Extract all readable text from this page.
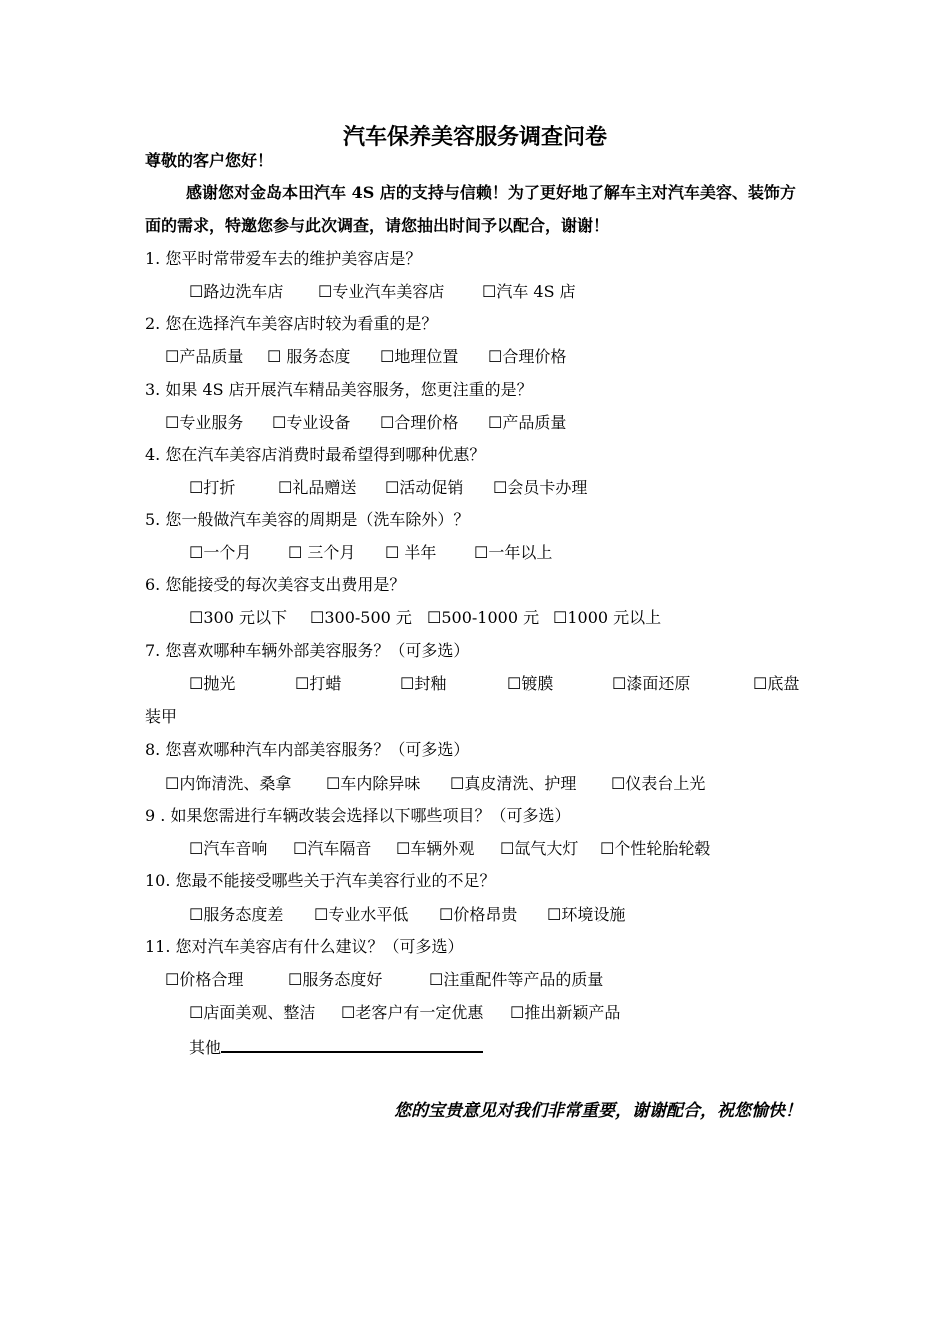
汽车保养美容服务调查问卷
尊敬的客户您好！
感谢您对金岛本田汽车 4S 店的支持与信赖！为了更好地了解车主对汽车美容、装饰方
面的需求，特邀您参与此次调查，请您抽出时间予以配合，谢谢！
1. 您平时常带爱车去的维护美容店是？
☐路边洗车店 ☐专业汽车美容店 ☐汽车 4S 店
2. 您在选择汽车美容店时较为看重的是？
☐产品质量 ☐ 服务态度 ☐地理位置 ☐合理价格
3. 如果 4S 店开展汽车精品美容服务，您更注重的是？
☐专业服务 ☐专业设备 ☐合理价格 ☐产品质量
4. 您在汽车美容店消费时最希望得到哪种优惠？
☐打折	☐礼品赠送 ☐活动促销 ☐会员卡办理
5. 您一般做汽车美容的周期是（洗车除外）？
☐一个月 ☐ 三个月 ☐ 半年 ☐一年以上
6. 您能接受的每次美容支出费用是？
☐300 元以下 ☐300-500 元 ☐500-1000 元 ☐1000 元以上
7. 您喜欢哪种车辆外部美容服务？（可多选）
☐抛光	☐打蜡	☐封釉	☐镀膜	☐漆面还原	☐底盘
装甲
8. 您喜欢哪种汽车内部美容服务？（可多选）
☐内饰清洗、桑拿 ☐车内除异味 ☐真皮清洗、护理 ☐仪表台上光
9 . 如果您需进行车辆改装会选择以下哪些项目？（可多选）
☐汽车音响 ☐汽车隔音 ☐车辆外观 ☐氙气大灯 ☐个性轮胎轮毂
10. 您最不能接受哪些关于汽车美容行业的不足？
☐服务态度差 ☐专业水平低 ☐价格昂贵 ☐环境设施
11. 您对汽车美容店有什么建议？（可多选）
☐价格合理	☐服务态度好	☐注重配件等产品的质量
☐店面美观、整洁 ☐老客户有一定优惠 ☐推出新颖产品
其他
您的宝贵意见对我们非常重要，谢谢配合，祝您愉快！
